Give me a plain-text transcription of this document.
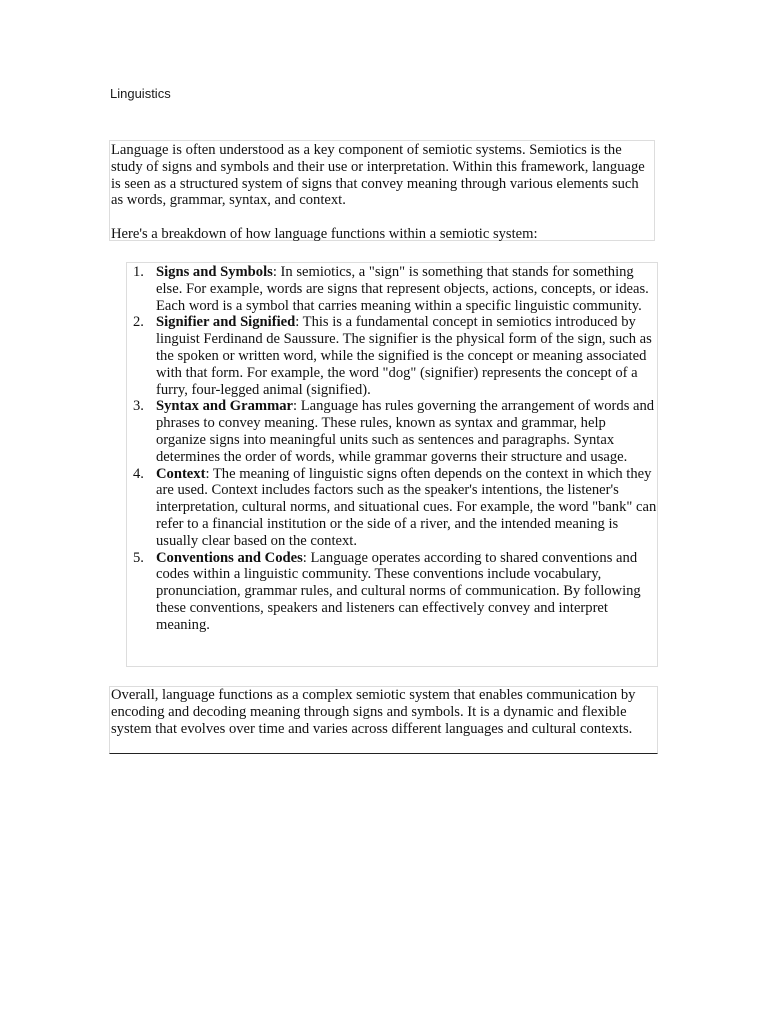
Linguistics

Language is often understood as a key component of semiotic systems. Semiotics is the study of signs and symbols and their use or interpretation. Within this framework, language is seen as a structured system of signs that convey meaning through various elements such as words, grammar, syntax, and context.

Here's a breakdown of how language functions within a semiotic system:

1. Signs and Symbols: In semiotics, a "sign" is something that stands for something else. For example, words are signs that represent objects, actions, concepts, or ideas. Each word is a symbol that carries meaning within a specific linguistic community.
2. Signifier and Signified: This is a fundamental concept in semiotics introduced by linguist Ferdinand de Saussure. The signifier is the physical form of the sign, such as the spoken or written word, while the signified is the concept or meaning associated with that form. For example, the word "dog" (signifier) represents the concept of a furry, four-legged animal (signified).
3. Syntax and Grammar: Language has rules governing the arrangement of words and phrases to convey meaning. These rules, known as syntax and grammar, help organize signs into meaningful units such as sentences and paragraphs. Syntax determines the order of words, while grammar governs their structure and usage.
4. Context: The meaning of linguistic signs often depends on the context in which they are used. Context includes factors such as the speaker's intentions, the listener's interpretation, cultural norms, and situational cues. For example, the word "bank" can refer to a financial institution or the side of a river, and the intended meaning is usually clear based on the context.
5. Conventions and Codes: Language operates according to shared conventions and codes within a linguistic community. These conventions include vocabulary, pronunciation, grammar rules, and cultural norms of communication. By following these conventions, speakers and listeners can effectively convey and interpret meaning.

Overall, language functions as a complex semiotic system that enables communication by encoding and decoding meaning through signs and symbols. It is a dynamic and flexible system that evolves over time and varies across different languages and cultural contexts.
